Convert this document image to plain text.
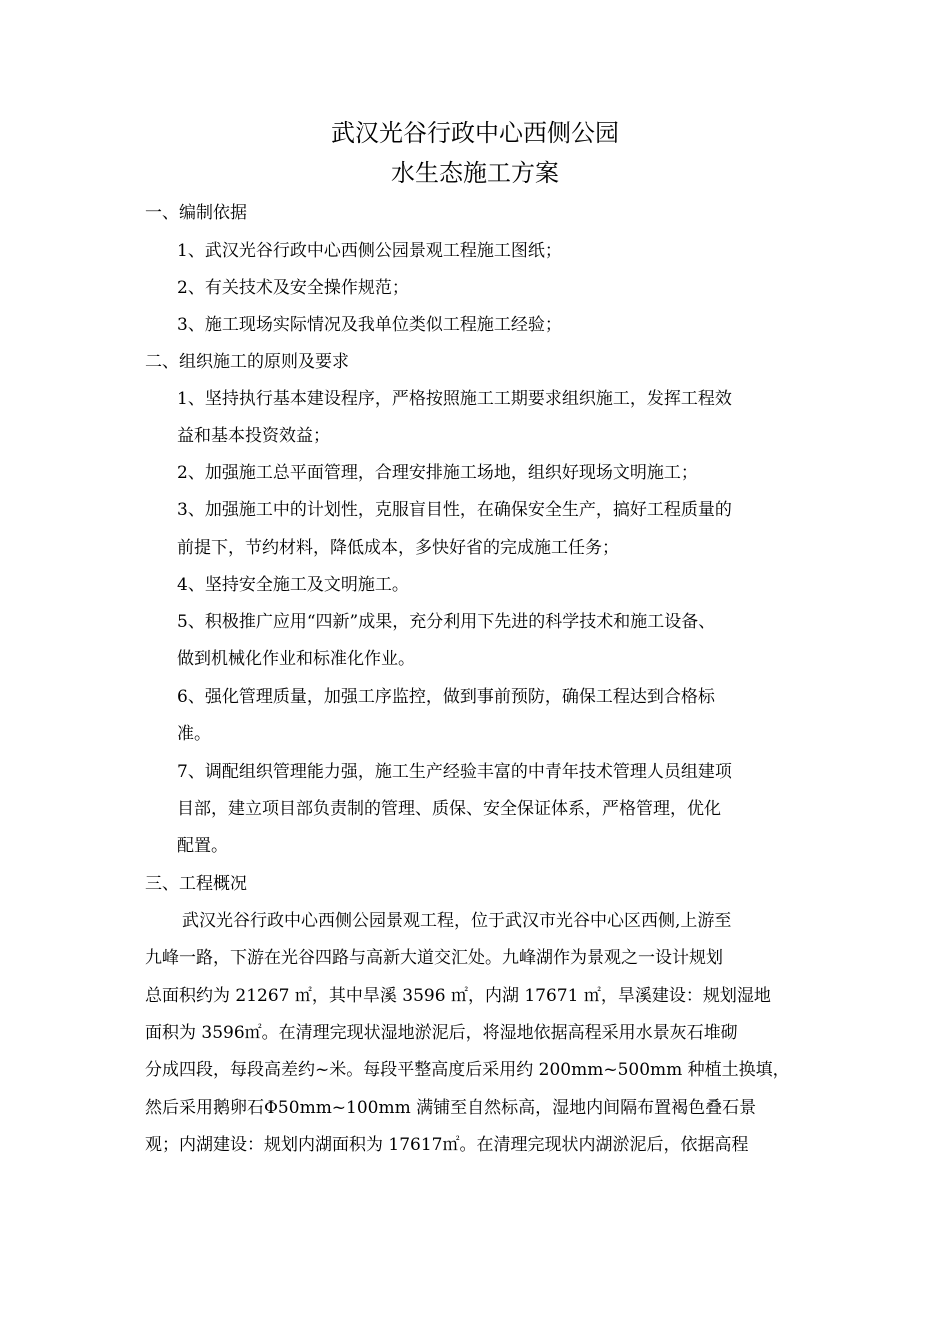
武汉光谷行政中心西侧公园
水生态施工方案
一、编制依据
1、武汉光谷行政中心西侧公园景观工程施工图纸；
2、有关技术及安全操作规范；
3、施工现场实际情况及我单位类似工程施工经验；
二、组织施工的原则及要求
1、坚持执行基本建设程序，严格按照施工工期要求组织施工，发挥工程效
益和基本投资效益；
2、加强施工总平面管理，合理安排施工场地，组织好现场文明施工；
3、加强施工中的计划性，克服盲目性，在确保安全生产，搞好工程质量的
前提下，节约材料，降低成本，多快好省的完成施工任务；
4、坚持安全施工及文明施工。
5、积极推广应用“四新”成果，充分利用下先进的科学技术和施工设备、
做到机械化作业和标准化作业。
6、强化管理质量，加强工序监控，做到事前预防，确保工程达到合格标
准。
7、调配组织管理能力强，施工生产经验丰富的中青年技术管理人员组建项
目部，建立项目部负责制的管理、质保、安全保证体系，严格管理，优化
配置。
三、工程概况
武汉光谷行政中心西侧公园景观工程，位于武汉市光谷中心区西侧,上游至
九峰一路，下游在光谷四路与高新大道交汇处。九峰湖作为景观之一设计规划
总面积约为 21267 ㎡，其中旱溪 3596 ㎡，内湖 17671 ㎡，旱溪建设：规划湿地
面积为 3596㎡。在清理完现状湿地淤泥后，将湿地依据高程采用水景灰石堆砌
分成四段，每段高差约~米。每段平整高度后采用约 200mm~500mm 种植土换填，
然后采用鹅卵石Φ50mm~100mm 满铺至自然标高，湿地内间隔布置褐色叠石景
观；内湖建设：规划内湖面积为 17617㎡。在清理完现状内湖淤泥后，依据高程
